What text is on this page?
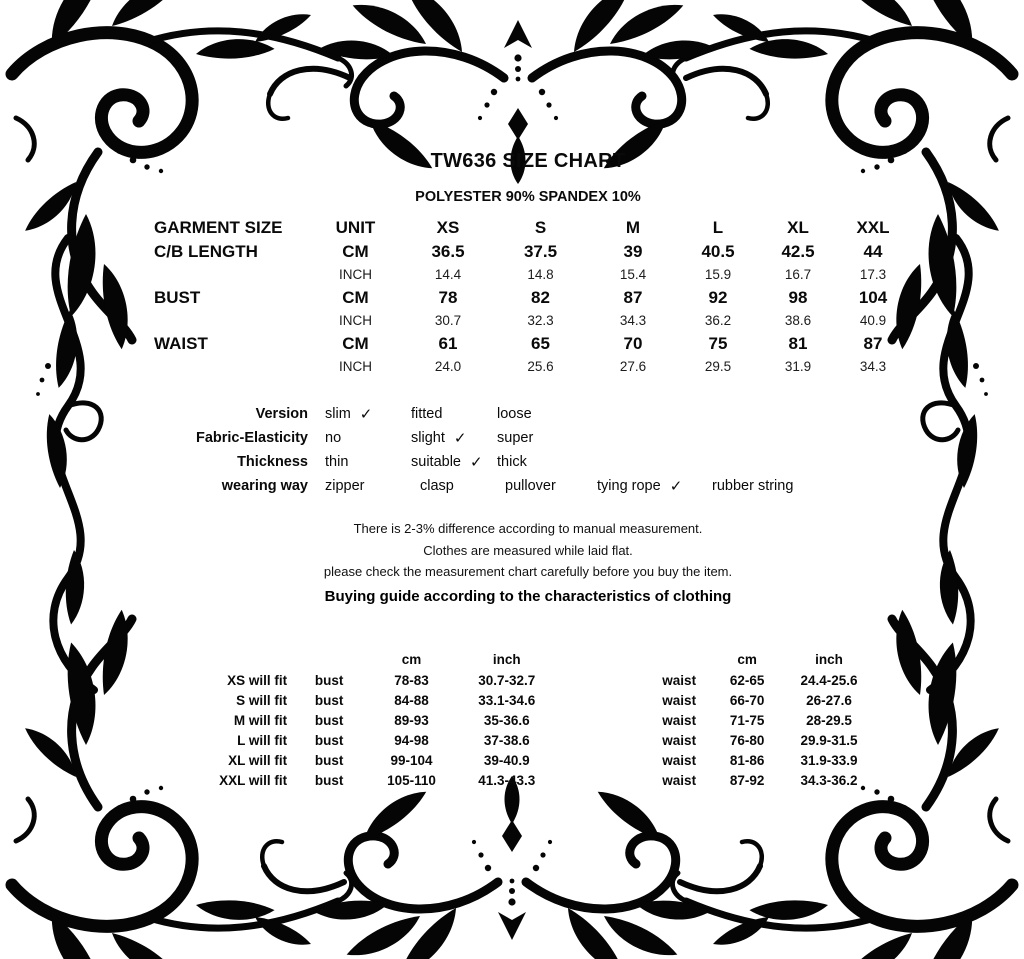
TW636 SIZE CHART
POLYESTER 90% SPANDEX 10%
GARMENT SIZE	UNIT	XS	S	M	L	XL	XXL
C/B LENGTH	CM	36.5	37.5	39	40.5	42.5	44
	INCH	14.4	14.8	15.4	15.9	16.7	17.3
BUST	CM	78	82	87	92	98	104
	INCH	30.7	32.3	34.3	36.2	38.6	40.9
WAIST	CM	61	65	70	75	81	87
	INCH	24.0	25.6	27.6	29.5	31.9	34.3
Version slim ✓	fitted	loose
Fabric-Elasticity no	slight ✓ super
Thickness thin	suitable ✓ thick
wearing way zipper	clasp	pullover	tying rope ✓ rubber string
There is 2-3% difference according to manual measurement.
Clothes are measured while laid flat.
please check the measurement chart carefully before you buy the item.
Buying guide according to the characteristics of clothing
		cm	inch			cm	inch
XS will fit	bust	78-83	30.7-32.7		waist	62-65	24.4-25.6
S will fit	bust	84-88	33.1-34.6		waist	66-70	26-27.6
M will fit	bust	89-93	35-36.6		waist	71-75	28-29.5
L will fit	bust	94-98	37-38.6		waist	76-80	29.9-31.5
XL will fit	bust	99-104	39-40.9		waist	81-86	31.9-33.9
XXL will fit	bust	105-110	41.3-43.3		waist	87-92	34.3-36.2
